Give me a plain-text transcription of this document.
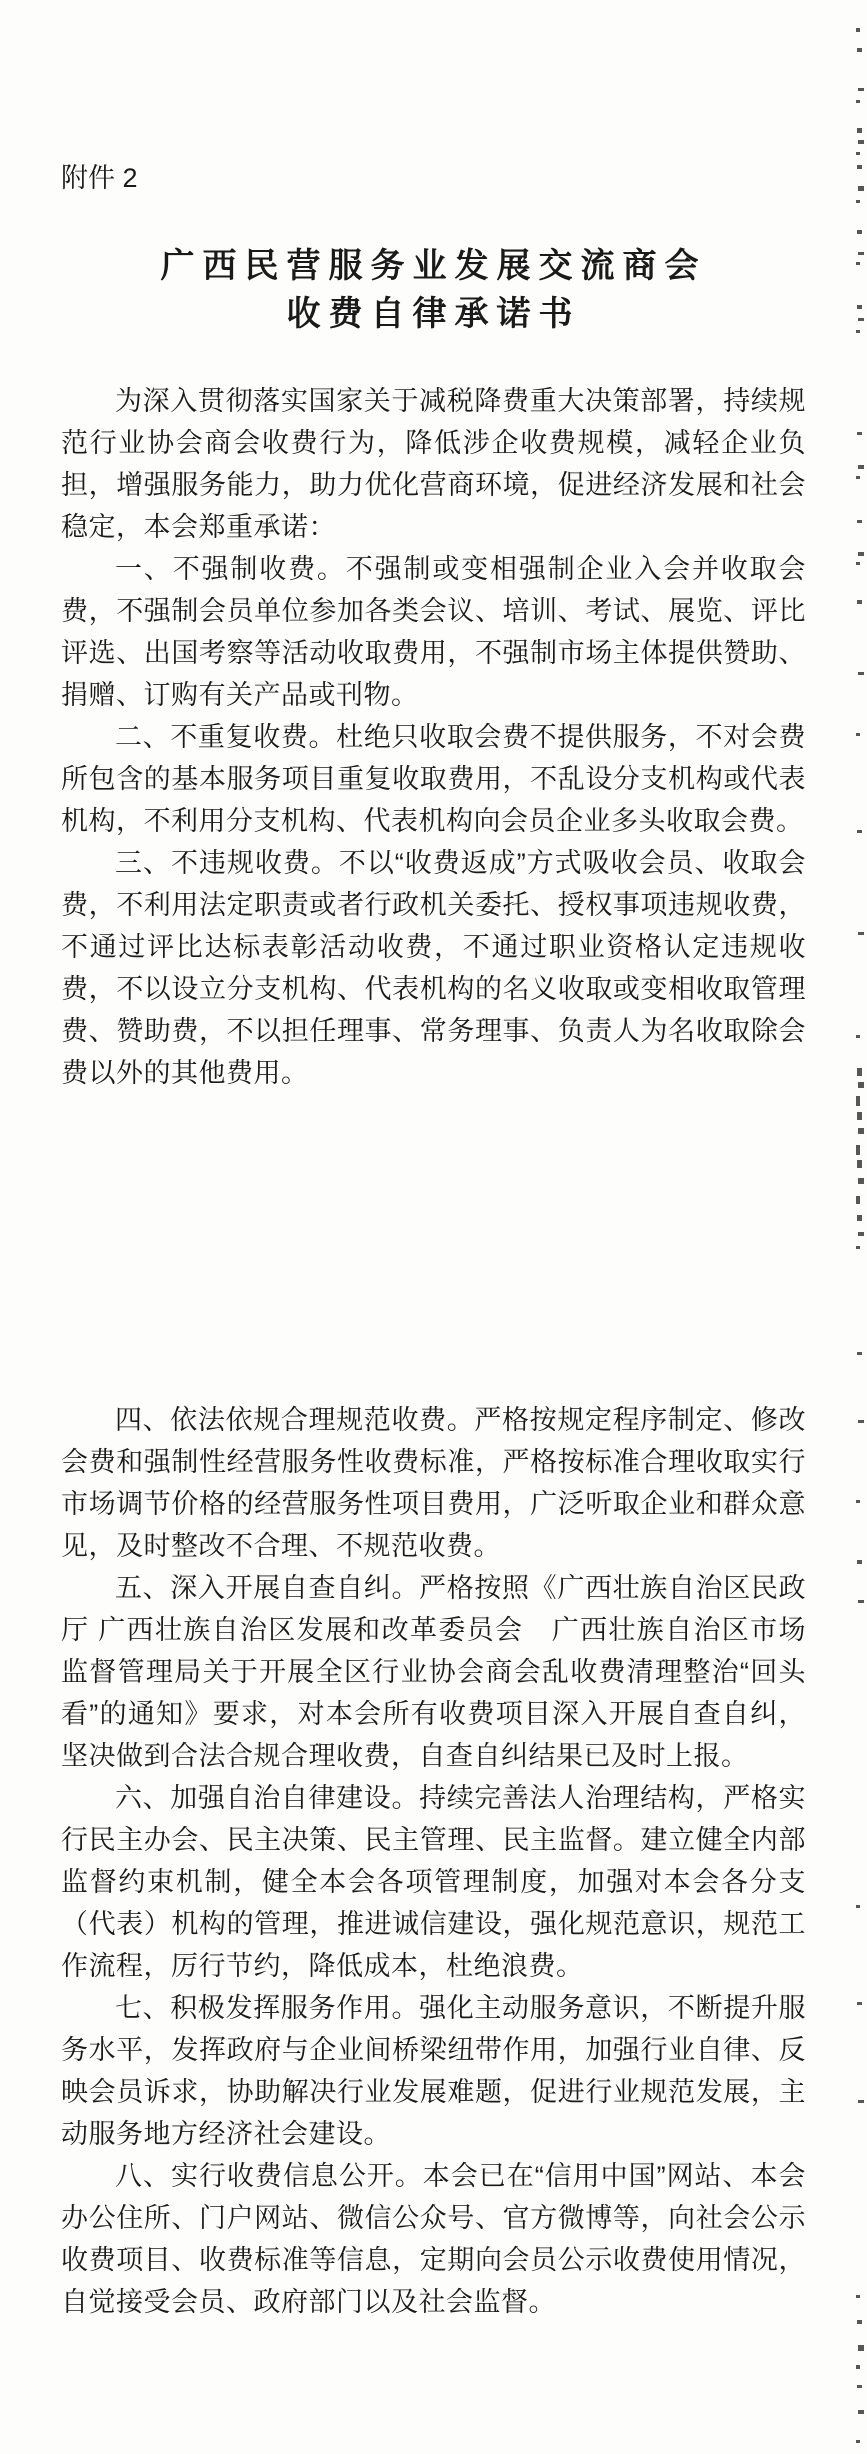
附件 2
广西民营服务业发展交流商会
收费自律承诺书

为深入贯彻落实国家关于减税降费重大决策部署，持续规范行业协会商会收费行为，降低涉企收费规模，减轻企业负担，增强服务能力，助力优化营商环境，促进经济发展和社会稳定，本会郑重承诺：

一、不强制收费。不强制或变相强制企业入会并收取会费，不强制会员单位参加各类会议、培训、考试、展览、评比评选、出国考察等活动收取费用，不强制市场主体提供赞助、捐赠、订购有关产品或刊物。

二、不重复收费。杜绝只收取会费不提供服务，不对会费所包含的基本服务项目重复收取费用，不乱设分支机构或代表机构，不利用分支机构、代表机构向会员企业多头收取会费。

三、不违规收费。不以“收费返成”方式吸收会员、收取会费，不利用法定职责或者行政机关委托、授权事项违规收费，不通过评比达标表彰活动收费，不通过职业资格认定违规收费，不以设立分支机构、代表机构的名义收取或变相收取管理费、赞助费，不以担任理事、常务理事、负责人为名收取除会费以外的其他费用。

四、依法依规合理规范收费。严格按规定程序制定、修改会费和强制性经营服务性收费标准，严格按标准合理收取实行市场调节价格的经营服务性项目费用，广泛听取企业和群众意见，及时整改不合理、不规范收费。

五、深入开展自查自纠。严格按照《广西壮族自治区民政厅 广西壮族自治区发展和改革委员会　广西壮族自治区市场监督管理局关于开展全区行业协会商会乱收费清理整治“回头看”的通知》要求，对本会所有收费项目深入开展自查自纠，坚决做到合法合规合理收费，自查自纠结果已及时上报。

六、加强自治自律建设。持续完善法人治理结构，严格实行民主办会、民主决策、民主管理、民主监督。建立健全内部监督约束机制，健全本会各项管理制度，加强对本会各分支（代表）机构的管理，推进诚信建设，强化规范意识，规范工作流程，厉行节约，降低成本，杜绝浪费。

七、积极发挥服务作用。强化主动服务意识，不断提升服务水平，发挥政府与企业间桥梁纽带作用，加强行业自律、反映会员诉求，协助解决行业发展难题，促进行业规范发展，主动服务地方经济社会建设。

八、实行收费信息公开。本会已在“信用中国”网站、本会办公住所、门户网站、微信公众号、官方微博等，向社会公示收费项目、收费标准等信息，定期向会员公示收费使用情况，自觉接受会员、政府部门以及社会监督。
